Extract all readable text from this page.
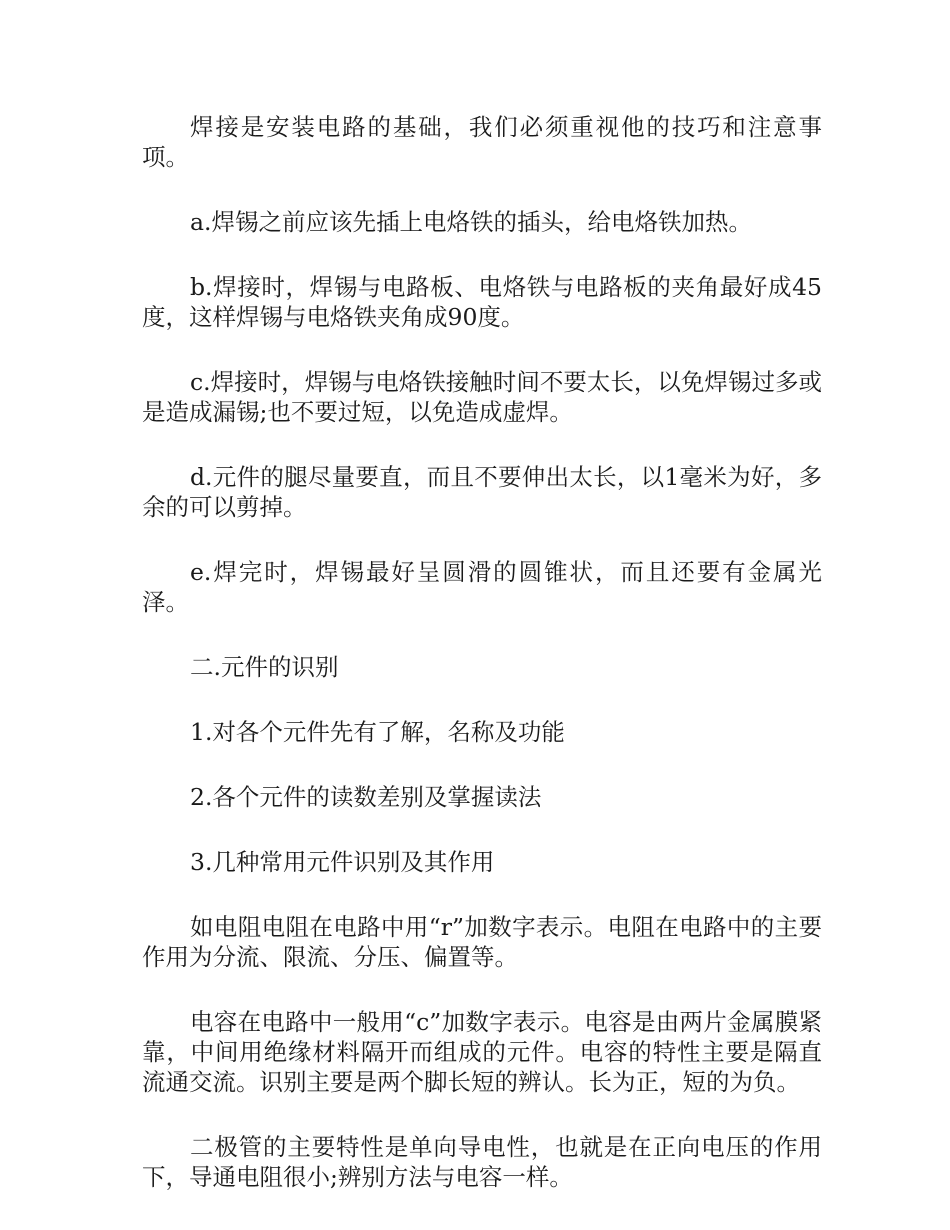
焊接是安装电路的基础，我们必须重视他的技巧和注意事项。

a.焊锡之前应该先插上电烙铁的插头，给电烙铁加热。

b.焊接时，焊锡与电路板、电烙铁与电路板的夹角最好成45度，这样焊锡与电烙铁夹角成90度。

c.焊接时，焊锡与电烙铁接触时间不要太长，以免焊锡过多或是造成漏锡;也不要过短，以免造成虚焊。

d.元件的腿尽量要直，而且不要伸出太长，以1毫米为好，多余的可以剪掉。

e.焊完时，焊锡最好呈圆滑的圆锥状，而且还要有金属光泽。

二.元件的识别

1.对各个元件先有了解，名称及功能

2.各个元件的读数差别及掌握读法

3.几种常用元件识别及其作用

如电阻电阻在电路中用“r”加数字表示。电阻在电路中的主要作用为分流、限流、分压、偏置等。

电容在电路中一般用“c”加数字表示。电容是由两片金属膜紧靠，中间用绝缘材料隔开而组成的元件。电容的特性主要是隔直流通交流。识别主要是两个脚长短的辨认。长为正，短的为负。

二极管的主要特性是单向导电性，也就是在正向电压的作用下，导通电阻很小;辨别方法与电容一样。
